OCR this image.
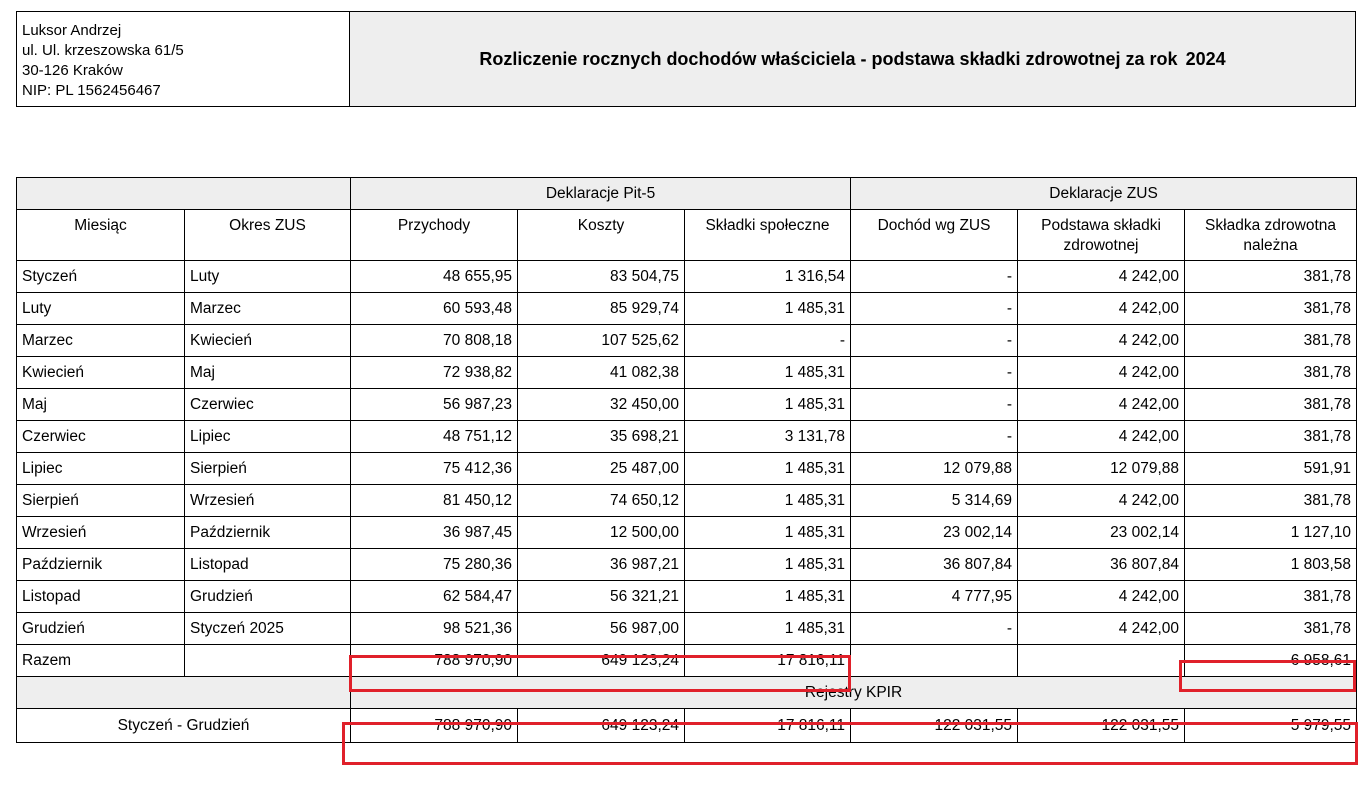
Luksor Andrzej
ul. Ul. krzeszowska 61/5
30-126 Kraków
NIP: PL 1562456467
Rozliczenie rocznych dochodów właściciela - podstawa składki zdrowotnej za rok 2024
		Deklaracje Pit-5			Deklaracje ZUS		
Miesiąc	Okres ZUS	Przychody	Koszty	Składki społeczne	Dochód wg ZUS	Podstawa składki zdrowotnej	Składka zdrowotna należna
Styczeń	Luty	48 655,95	83 504,75	1 316,54	-	4 242,00	381,78
Luty	Marzec	60 593,48	85 929,74	1 485,31	-	4 242,00	381,78
Marzec	Kwiecień	70 808,18	107 525,62	-	-	4 242,00	381,78
Kwiecień	Maj	72 938,82	41 082,38	1 485,31	-	4 242,00	381,78
Maj	Czerwiec	56 987,23	32 450,00	1 485,31	-	4 242,00	381,78
Czerwiec	Lipiec	48 751,12	35 698,21	3 131,78	-	4 242,00	381,78
Lipiec	Sierpień	75 412,36	25 487,00	1 485,31	12 079,88	12 079,88	591,91
Sierpień	Wrzesień	81 450,12	74 650,12	1 485,31	5 314,69	4 242,00	381,78
Wrzesień	Październik	36 987,45	12 500,00	1 485,31	23 002,14	23 002,14	1 127,10
Październik	Listopad	75 280,36	36 987,21	1 485,31	36 807,84	36 807,84	1 803,58
Listopad	Grudzień	62 584,47	56 321,21	1 485,31	4 777,95	4 242,00	381,78
Grudzień	Styczeń 2025	98 521,36	56 987,00	1 485,31	-	4 242,00	381,78
Razem		788 970,90	649 123,24	17 816,11			6 958,61
		Rejestry KPIR					
Styczeń - Grudzień		788 970,90	649 123,24	17 816,11	122 031,55	122 031,55	5 979,55
